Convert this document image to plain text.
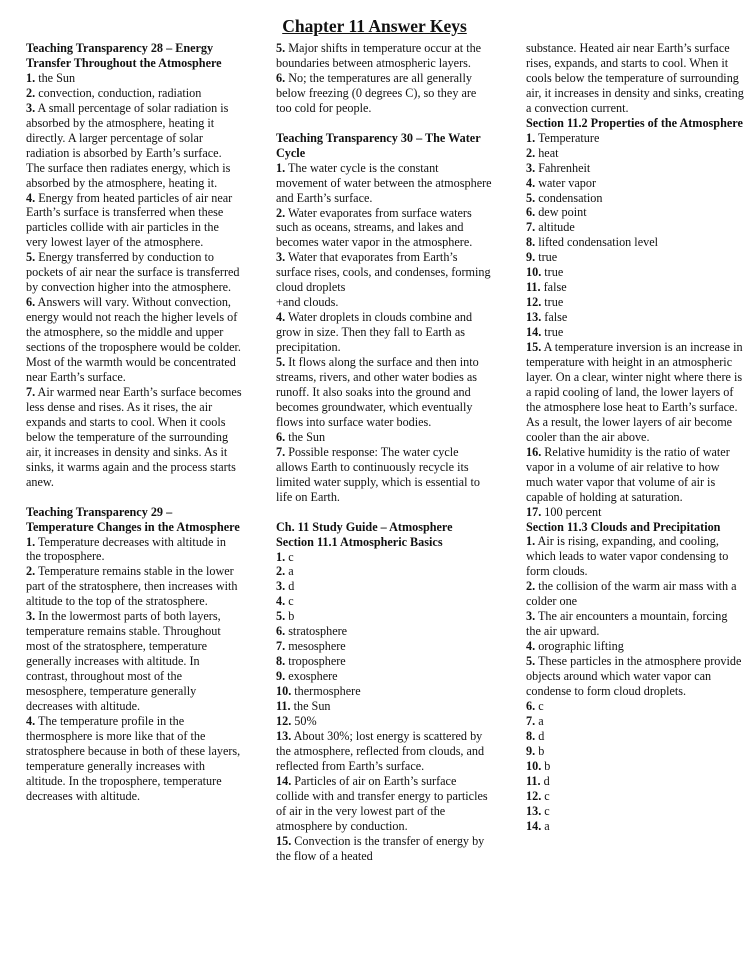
Chapter 11 Answer Keys
Teaching Transparency 28 – Energy Transfer Throughout the Atmosphere
1. the Sun
2. convection, conduction, radiation
3. A small percentage of solar radiation is absorbed by the atmosphere, heating it directly. A larger percentage of solar radiation is absorbed by Earth’s surface. The surface then radiates energy, which is absorbed by the atmosphere, heating it.
4. Energy from heated particles of air near Earth’s surface is transferred when these particles collide with air particles in the very lowest layer of the atmosphere.
5. Energy transferred by conduction to pockets of air near the surface is transferred by convection higher into the atmosphere.
6. Answers will vary. Without convection, energy would not reach the higher levels of the atmosphere, so the middle and upper sections of the troposphere would be colder. Most of the warmth would be concentrated near Earth’s surface.
7. Air warmed near Earth’s surface becomes less dense and rises. As it rises, the air expands and starts to cool. When it cools below the temperature of the surrounding air, it increases in density and sinks. As it sinks, it warms again and the process starts anew.
Teaching Transparency 29 – Temperature Changes in the Atmosphere
1. Temperature decreases with altitude in the troposphere.
2. Temperature remains stable in the lower part of the stratosphere, then increases with altitude to the top of the stratosphere.
3. In the lowermost parts of both layers, temperature remains stable. Throughout most of the stratosphere, temperature generally increases with altitude. In contrast, throughout most of the mesosphere, temperature generally decreases with altitude.
4. The temperature profile in the thermosphere is more like that of the stratosphere because in both of these layers, temperature generally increases with altitude. In the troposphere, temperature decreases with altitude.
5. Major shifts in temperature occur at the boundaries between atmospheric layers.
6. No; the temperatures are all generally below freezing (0 degrees C), so they are too cold for people.
Teaching Transparency 30 – The Water Cycle
1. The water cycle is the constant movement of water between the atmosphere and Earth’s surface.
2. Water evaporates from surface waters such as oceans, streams, and lakes and becomes water vapor in the atmosphere.
3. Water that evaporates from Earth’s surface rises, cools, and condenses, forming cloud droplets
+and clouds.
4. Water droplets in clouds combine and grow in size. Then they fall to Earth as precipitation.
5. It flows along the surface and then into streams, rivers, and other water bodies as runoff. It also soaks into the ground and becomes groundwater, which eventually flows into surface water bodies.
6. the Sun
7. Possible response: The water cycle allows Earth to continuously recycle its limited water supply, which is essential to life on Earth.
Ch. 11 Study Guide – Atmosphere
Section 11.1 Atmospheric Basics
1. c
2. a
3. d
4. c
5. b
6. stratosphere
7. mesosphere
8. troposphere
9. exosphere
10. thermosphere
11. the Sun
12. 50%
13. About 30%; lost energy is scattered by the atmosphere, reflected from clouds, and reflected from Earth’s surface.
14. Particles of air on Earth’s surface collide with and transfer energy to particles of air in the very lowest part of the atmosphere by conduction.
15. Convection is the transfer of energy by the flow of a heated
substance. Heated air near Earth’s surface rises, expands, and starts to cool. When it cools below the temperature of surrounding air, it increases in density and sinks, creating a convection current.
Section 11.2 Properties of the Atmosphere
1. Temperature
2. heat
3. Fahrenheit
4. water vapor
5. condensation
6. dew point
7. altitude
8. lifted condensation level
9. true
10. true
11. false
12. true
13. false
14. true
15. A temperature inversion is an increase in temperature with height in an atmospheric layer. On a clear, winter night where there is a rapid cooling of land, the lower layers of the atmosphere lose heat to Earth’s surface. As a result, the lower layers of air become cooler than the air above.
16. Relative humidity is the ratio of water vapor in a volume of air relative to how much water vapor that volume of air is capable of holding at saturation.
17. 100 percent
Section 11.3 Clouds and Precipitation
1. Air is rising, expanding, and cooling, which leads to water vapor condensing to form clouds.
2. the collision of the warm air mass with a colder one
3. The air encounters a mountain, forcing the air upward.
4. orographic lifting
5. These particles in the atmosphere provide objects around which water vapor can condense to form cloud droplets.
6. c
7. a
8. d
9. b
10. b
11. d
12. c
13. c
14. a
